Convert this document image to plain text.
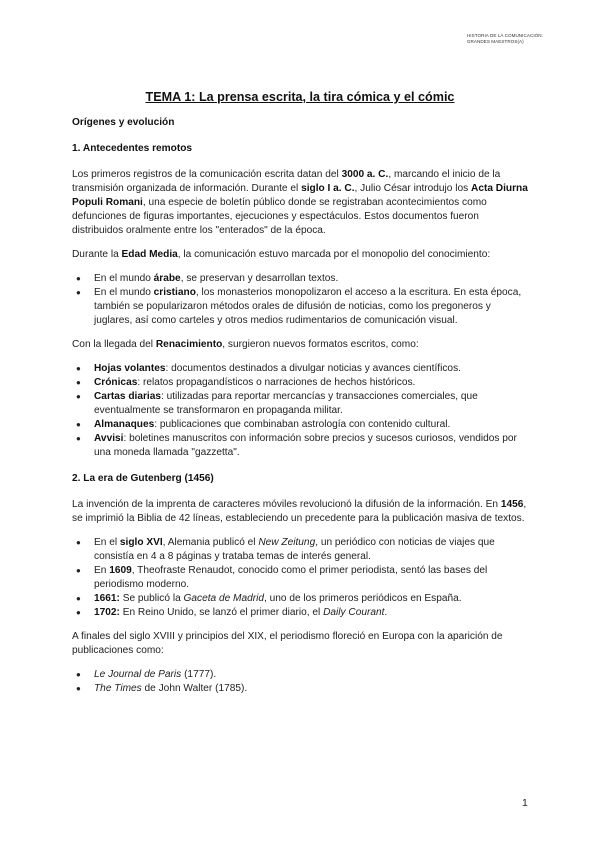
HISTORIA DE LA COMUNICACIÓN:
GRANDES MAESTROS(A)
TEMA 1: La prensa escrita, la tira cómica y el cómic
Orígenes y evolución
1. Antecedentes remotos

Los primeros registros de la comunicación escrita datan del 3000 a. C., marcando el inicio de la transmisión organizada de información. Durante el siglo I a. C., Julio César introdujo los Acta Diurna Populi Romani, una especie de boletín público donde se registraban acontecimientos como defunciones de figuras importantes, ejecuciones y espectáculos. Estos documentos fueron distribuidos oralmente entre los "enterados" de la época.

Durante la Edad Media, la comunicación estuvo marcada por el monopolio del conocimiento:

● En el mundo árabe, se preservan y desarrollan textos.
● En el mundo cristiano, los monasterios monopolizaron el acceso a la escritura. En esta época, también se popularizaron métodos orales de difusión de noticias, como los pregoneros y juglares, así como carteles y otros medios rudimentarios de comunicación visual.

Con la llegada del Renacimiento, surgieron nuevos formatos escritos, como:

● Hojas volantes: documentos destinados a divulgar noticias y avances científicos.
● Crónicas: relatos propagandísticos o narraciones de hechos históricos.
● Cartas diarias: utilizadas para reportar mercancías y transacciones comerciales, que eventualmente se transformaron en propaganda militar.
● Almanaques: publicaciones que combinaban astrología con contenido cultural.
● Avvisi: boletines manuscritos con información sobre precios y sucesos curiosos, vendidos por una moneda llamada "gazzetta".
2. La era de Gutenberg (1456)

La invención de la imprenta de caracteres móviles revolucionó la difusión de la información. En 1456, se imprimió la Biblia de 42 líneas, estableciendo un precedente para la publicación masiva de textos.

● En el siglo XVI, Alemania publicó el New Zeitung, un periódico con noticias de viajes que consistía en 4 a 8 páginas y trataba temas de interés general.
● En 1609, Theofraste Renaudot, conocido como el primer periodista, sentó las bases del periodismo moderno.
● 1661: Se publicó la Gaceta de Madrid, uno de los primeros periódicos en España.
● 1702: En Reino Unido, se lanzó el primer diario, el Daily Courant.

A finales del siglo XVIII y principios del XIX, el periodismo floreció en Europa con la aparición de publicaciones como:

● Le Journal de Paris (1777).
● The Times de John Walter (1785).
1
